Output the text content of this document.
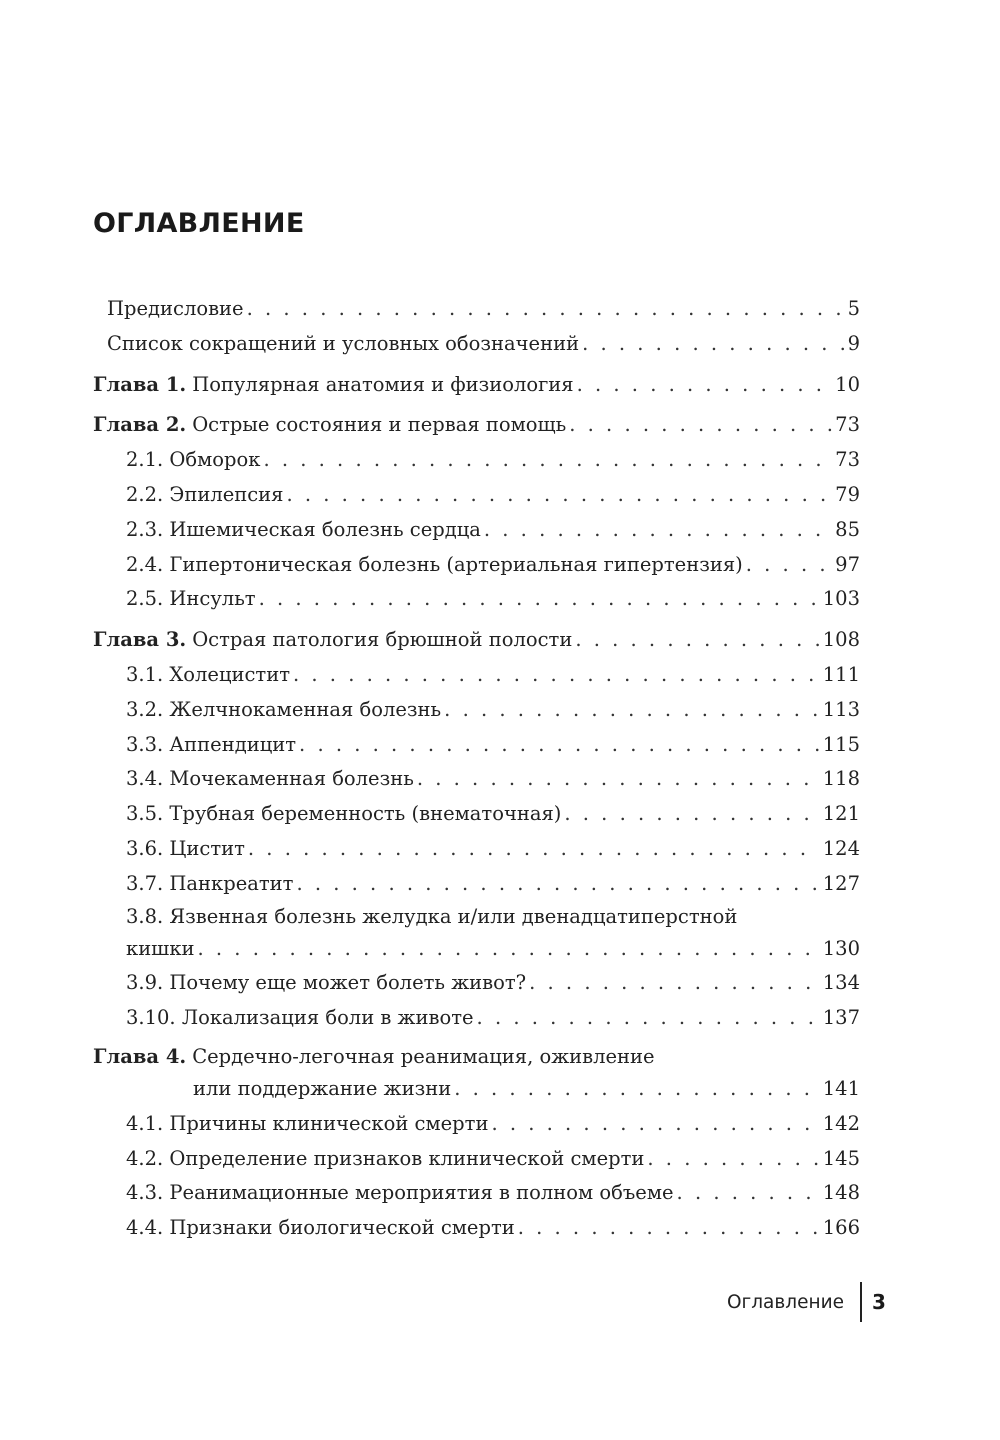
ОГЛАВЛЕНИЕ
Предисловие . . .	5
Список сокращений и условных обозначений . . .	9
Глава 1. Популярная анатомия и физиология . . .	10
Глава 2. Острые состояния и первая помощь . . .	73
2.1. Обморок . . .	73
2.2. Эпилепсия . . .	79
2.3. Ишемическая болезнь сердца . . .	85
2.4. Гипертоническая болезнь (артериальная гипертензия) . . .	97
2.5. Инсульт . . .	103
Глава 3. Острая патология брюшной полости . . .	108
3.1. Холецистит . . .	111
3.2. Желчнокаменная болезнь . . .	113
3.3. Аппендицит . . .	115
3.4. Мочекаменная болезнь . . .	118
3.5. Трубная беременность (внематочная) . . .	121
3.6. Цистит . . .	124
3.7. Панкреатит . . .	127
3.8. Язвенная болезнь желудка и/или двенадцатиперстной
кишки . . .	130
3.9. Почему еще может болеть живот? . . .	134
3.10. Локализация боли в животе . . .	137
Глава 4. Сердечно-легочная реанимация, оживление
или поддержание жизни . . .	141
4.1. Причины клинической смерти . . .	142
4.2. Определение признаков клинической смерти . . .	145
4.3. Реанимационные мероприятия в полном объеме . . .	148
4.4. Признаки биологической смерти . . .	166
Оглавление 3
